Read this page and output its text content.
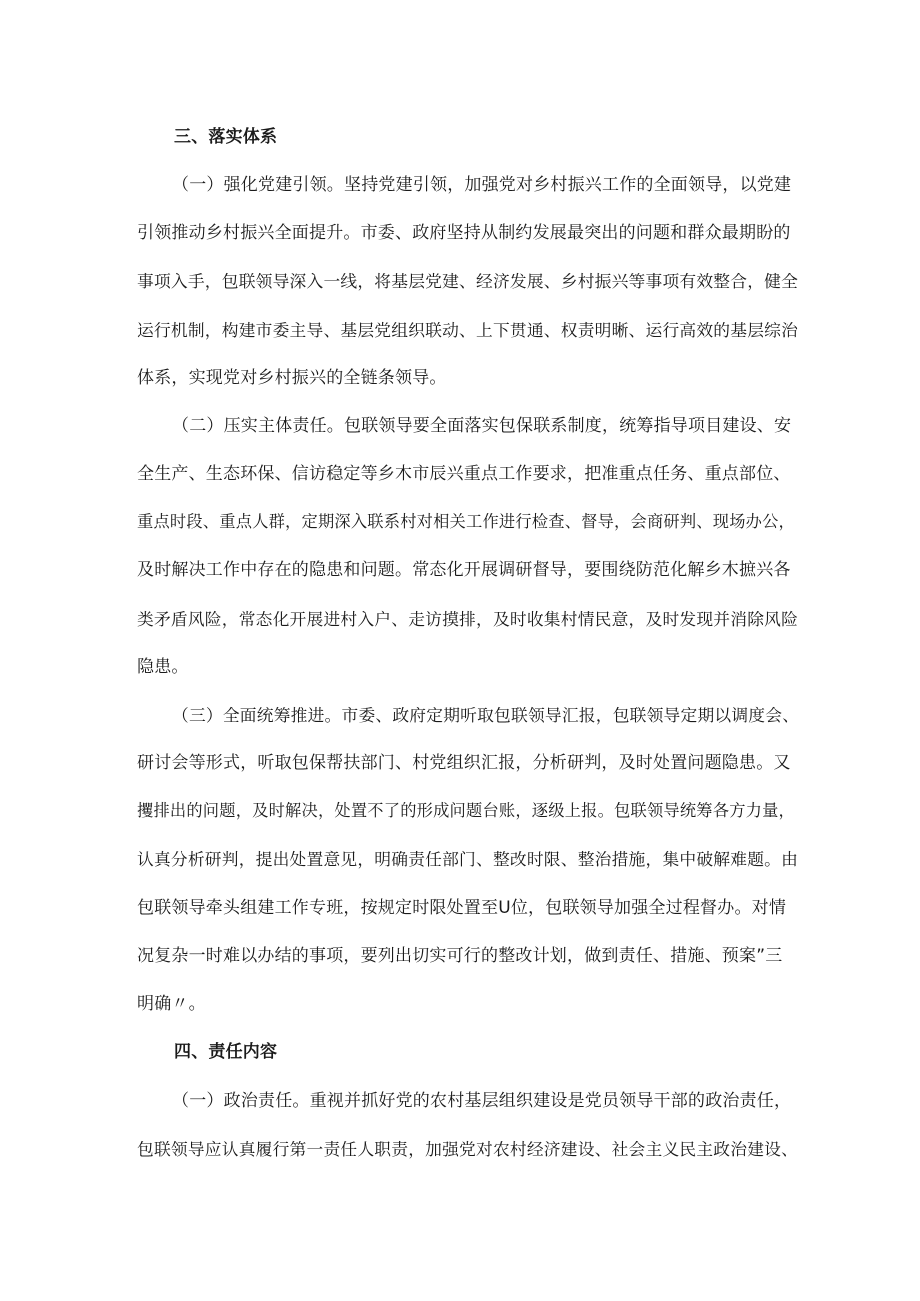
三、落实体系
（一）强化党建引领。坚持党建引领，加强党对乡村振兴工作的全面领导，以党建
引领推动乡村振兴全面提升。市委、政府坚持从制约发展最突出的问题和群众最期盼的
事项入手，包联领导深入一线，将基层党建、经济发展、乡村振兴等事项有效整合，健全
运行机制，构建市委主导、基层党组织联动、上下贯通、权责明晰、运行高效的基层综治
体系，实现党对乡村振兴的全链条领导。
（二）压实主体责任。包联领导要全面落实包保联系制度，统筹指导项目建设、安
全生产、生态环保、信访稳定等乡木市辰兴重点工作要求，把准重点任务、重点部位、
重点时段、重点人群，定期深入联系村对相关工作进行检查、督导，会商研判、现场办公，
及时解决工作中存在的隐患和问题。常态化开展调研督导，要围绕防范化解乡木摭兴各
类矛盾风险，常态化开展进村入户、走访摸排，及时收集村情民意，及时发现并消除风险
隐患。
（三）全面统筹推进。市委、政府定期听取包联领导汇报，包联领导定期以调度会、
研讨会等形式，听取包保帮扶部门、村党组织汇报，分析研判，及时处置问题隐患。又
攫排出的问题，及时解决，处置不了的形成问题台账，逐级上报。包联领导统筹各方力量，
认真分析研判，提出处置意见，明确责任部门、整改时限、整治措施，集中破解难题。由
包联领导牵头组建工作专班，按规定时限处置至U位，包联领导加强全过程督办。对情
况复杂一时难以办结的事项，要列出切实可行的整改计划，做到责任、措施、预案”三
明确〃。
四、责任内容
（一）政治责任。重视并抓好党的农村基层组织建设是党员领导干部的政治责任，
包联领导应认真履行第一责任人职责，加强党对农村经济建设、社会主义民主政治建设、
